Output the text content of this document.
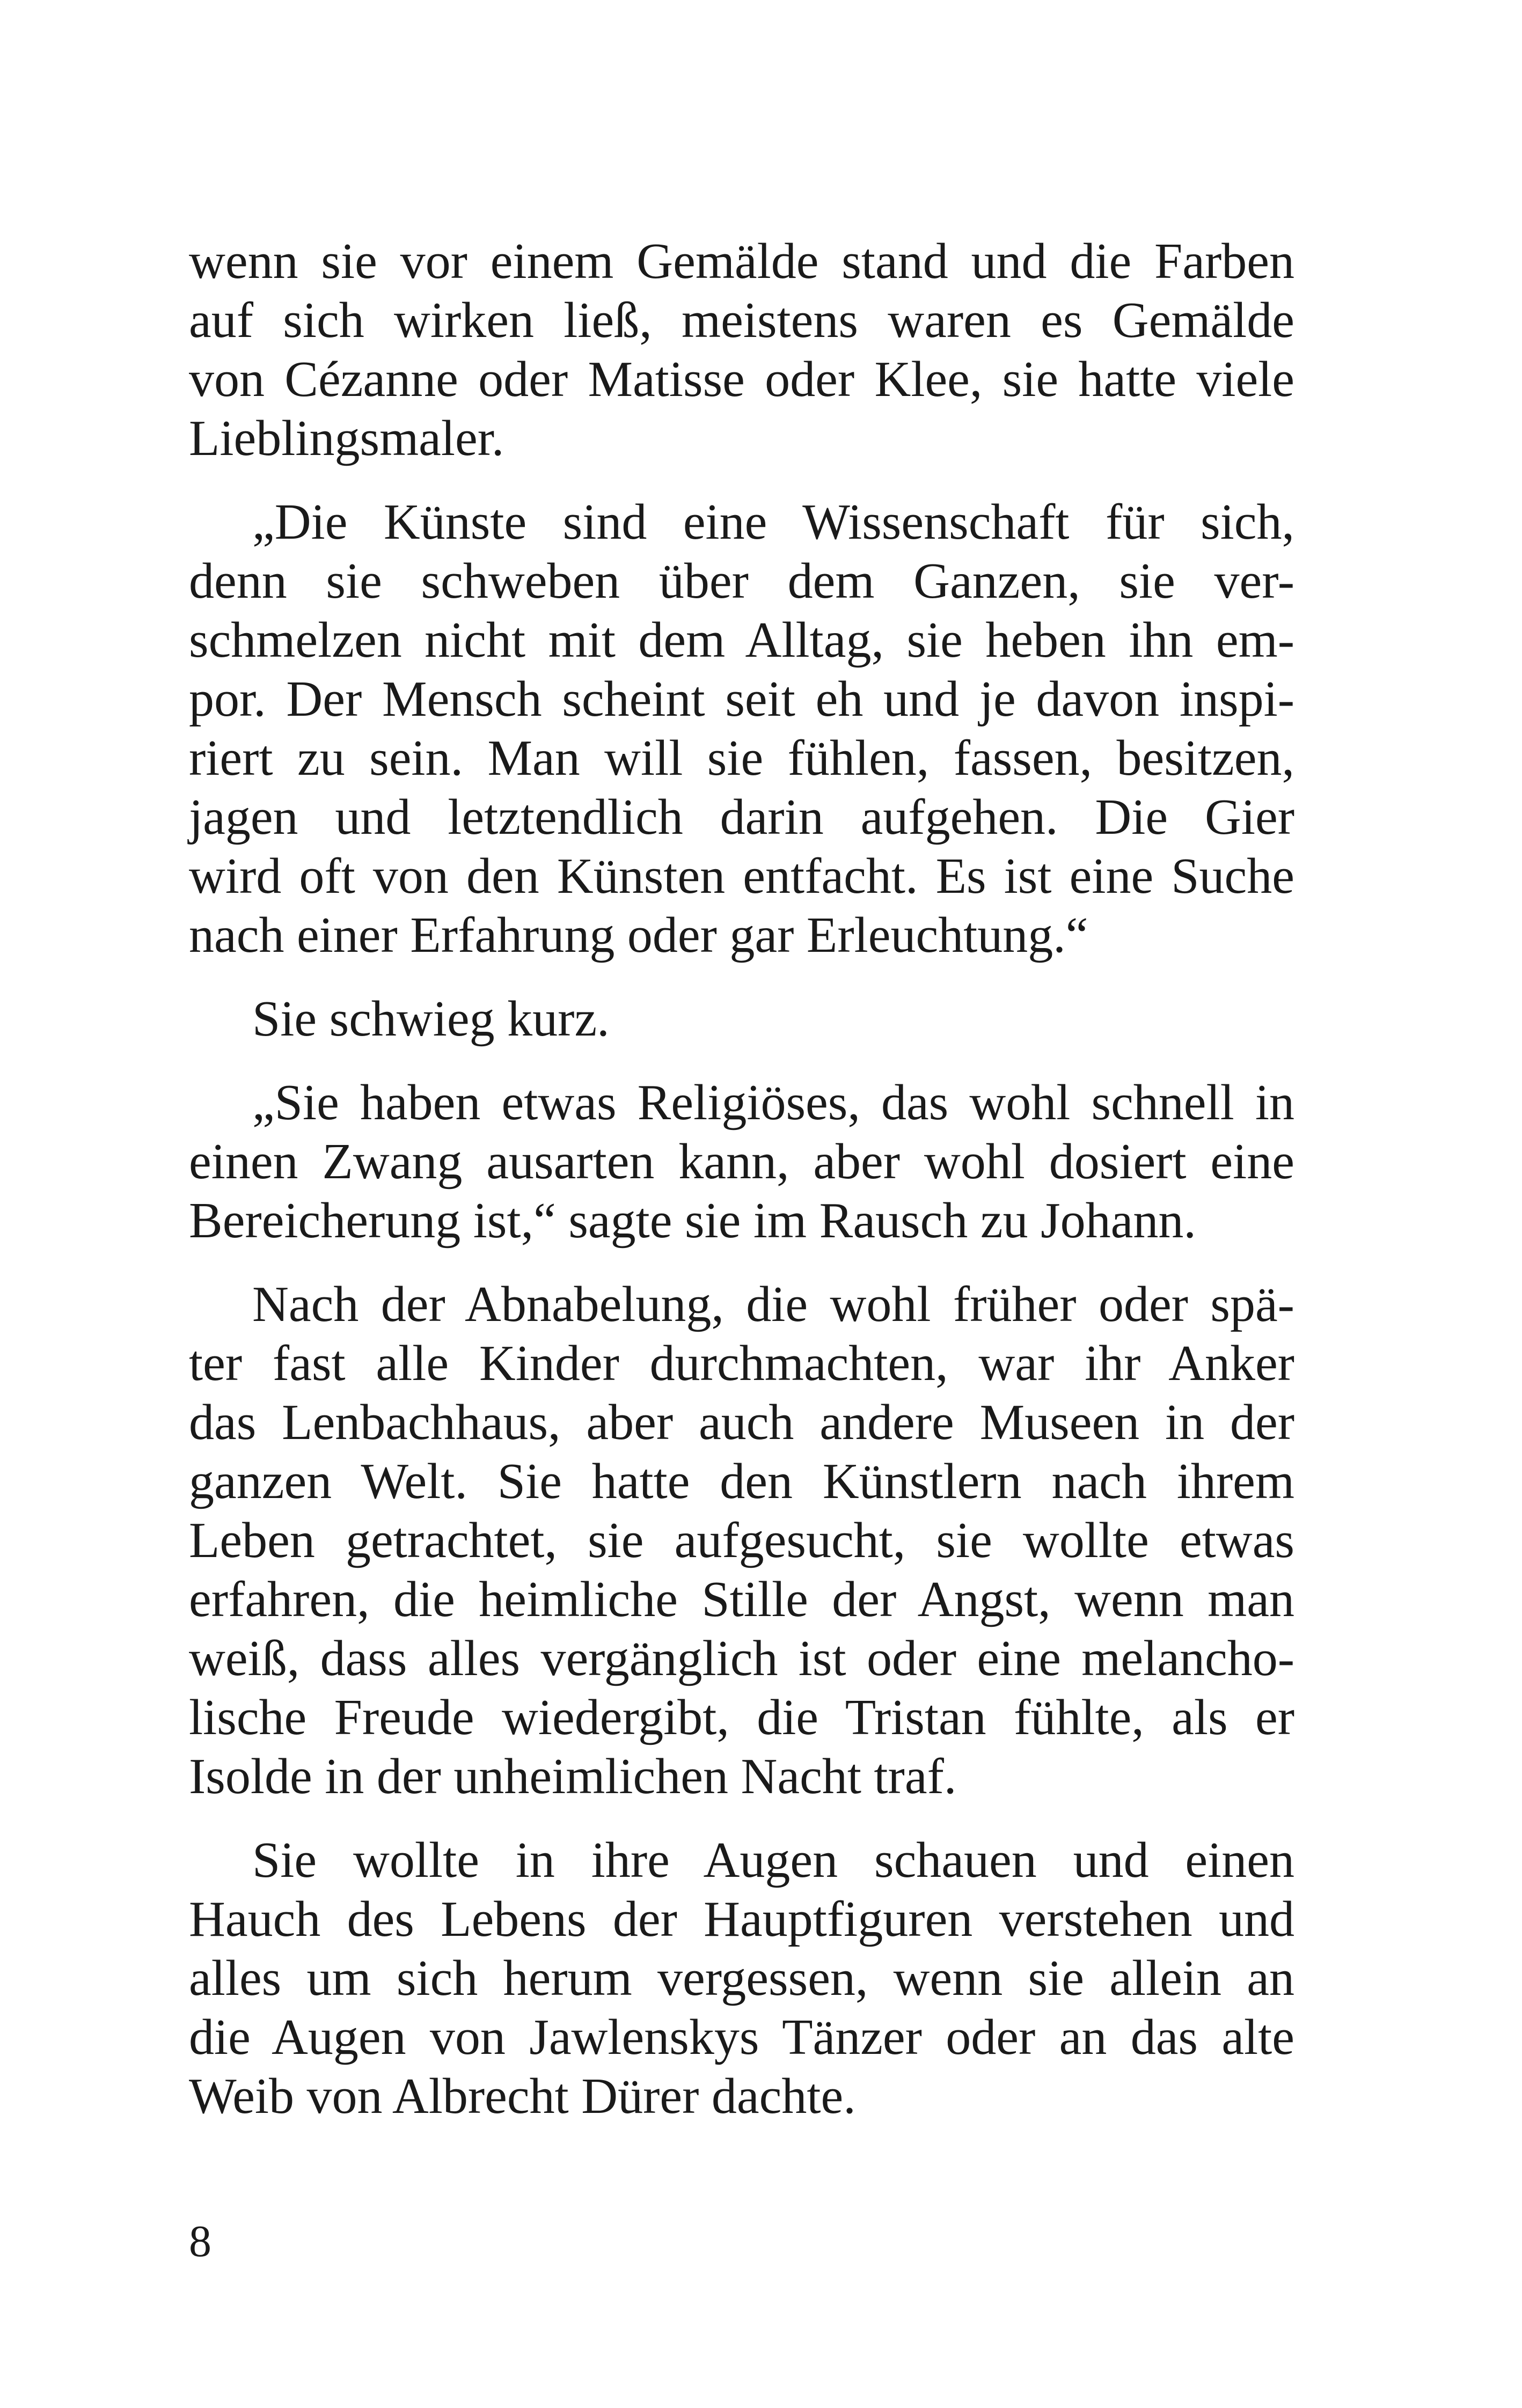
wenn sie vor einem Gemälde stand und die Farben
auf sich wirken ließ, meistens waren es Gemälde
von Cézanne oder Matisse oder Klee, sie hatte viele
Lieblingsmaler.
„Die Künste sind eine Wissenschaft für sich,
denn sie schweben über dem Ganzen, sie ver-
schmelzen nicht mit dem Alltag, sie heben ihn em-
por. Der Mensch scheint seit eh und je davon inspi-
riert zu sein. Man will sie fühlen, fassen, besitzen,
jagen und letztendlich darin aufgehen. Die Gier
wird oft von den Künsten entfacht. Es ist eine Suche
nach einer Erfahrung oder gar Erleuchtung.“
Sie schwieg kurz.
„Sie haben etwas Religiöses, das wohl schnell in
einen Zwang ausarten kann, aber wohl dosiert eine
Bereicherung ist,“ sagte sie im Rausch zu Johann.
Nach der Abnabelung, die wohl früher oder spä-
ter fast alle Kinder durchmachten, war ihr Anker
das Lenbachhaus, aber auch andere Museen in der
ganzen Welt. Sie hatte den Künstlern nach ihrem
Leben getrachtet, sie aufgesucht, sie wollte etwas
erfahren, die heimliche Stille der Angst, wenn man
weiß, dass alles vergänglich ist oder eine melancho-
lische Freude wiedergibt, die Tristan fühlte, als er
Isolde in der unheimlichen Nacht traf.
Sie wollte in ihre Augen schauen und einen
Hauch des Lebens der Hauptfiguren verstehen und
alles um sich herum vergessen, wenn sie allein an
die Augen von Jawlenskys Tänzer oder an das alte
Weib von Albrecht Dürer dachte.
8
